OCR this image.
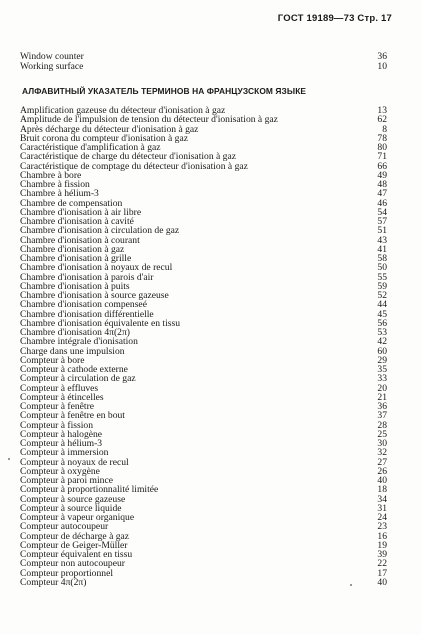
ГОСТ 19189—73 Стр. 17
Window counter	36
Working surface	10
АЛФАВИТНЫЙ УКАЗАТЕЛЬ ТЕРМИНОВ НА ФРАНЦУЗСКОМ ЯЗЫКЕ
Amplification gazeuse du détecteur d'ionisation à gaz	13
Amplitude de l'impulsion de tension du détecteur d'ionisation à gaz	62
Après décharge du détecteur d'ionisation à gaz	8
Bruit corona du compteur d'ionisation à gaz	78
Caractéristique d'amplification à gaz	80
Caractéristique de charge du détecteur d'ionisation à gaz	71
Caractéristique de comptage du détecteur d'ionisation à gaz	66
Chambre à bore	49
Chambre à fission	48
Chambre à hélium-3	47
Chambre de compensation	46
Chambre d'ionisation à air libre	54
Chambre d'ionisation à cavité	57
Chambre d'ionisation à circulation de gaz	51
Chambre d'ionisation à courant	43
Chambre d'ionisation à gaz	41
Chambre d'ionisation à grille	58
Chambre d'ionisation à noyaux de recul	50
Chambre d'ionisation à parois d'air	55
Chambre d'ionisation à puits	59
Chambre d'ionisation à source gazeuse	52
Chambre d'ionisation compenseé	44
Chambre d'ionisation différentielle	45
Chambre d'ionisation équivalente en tissu	56
Chambre d'ionisation 4π(2π)	53
Chambre intégrale d'ionisation	42
Charge dans une impulsion	60
Compteur à bore	29
Compteur à cathode externe	35
Compteur à circulation de gaz	33
Compteur à effluves	20
Compteur à étincelles	21
Compteur à fenêtre	36
Compteur à fenêtre en bout	37
Compteur à fission	28
Compteur à halogène	25
Compteur à hélium-3	30
Compteur à immersion	32
Compteur à noyaux de recul	27
Compteur à oxygène	26
Compteur à paroi mince	40
Compteur à proportionnalité limitée	18
Compteur à source gazeuse	34
Compteur à source liquide	31
Compteur à vapeur organique	24
Compteur autocoupeur	23
Compteur de décharge à gaz	16
Compteur de Geiger-Müller	19
Compteur équivalent en tissu	39
Compteur non autocoupeur	22
Compteur proportionnel	17
Compteur 4π(2π)	40
